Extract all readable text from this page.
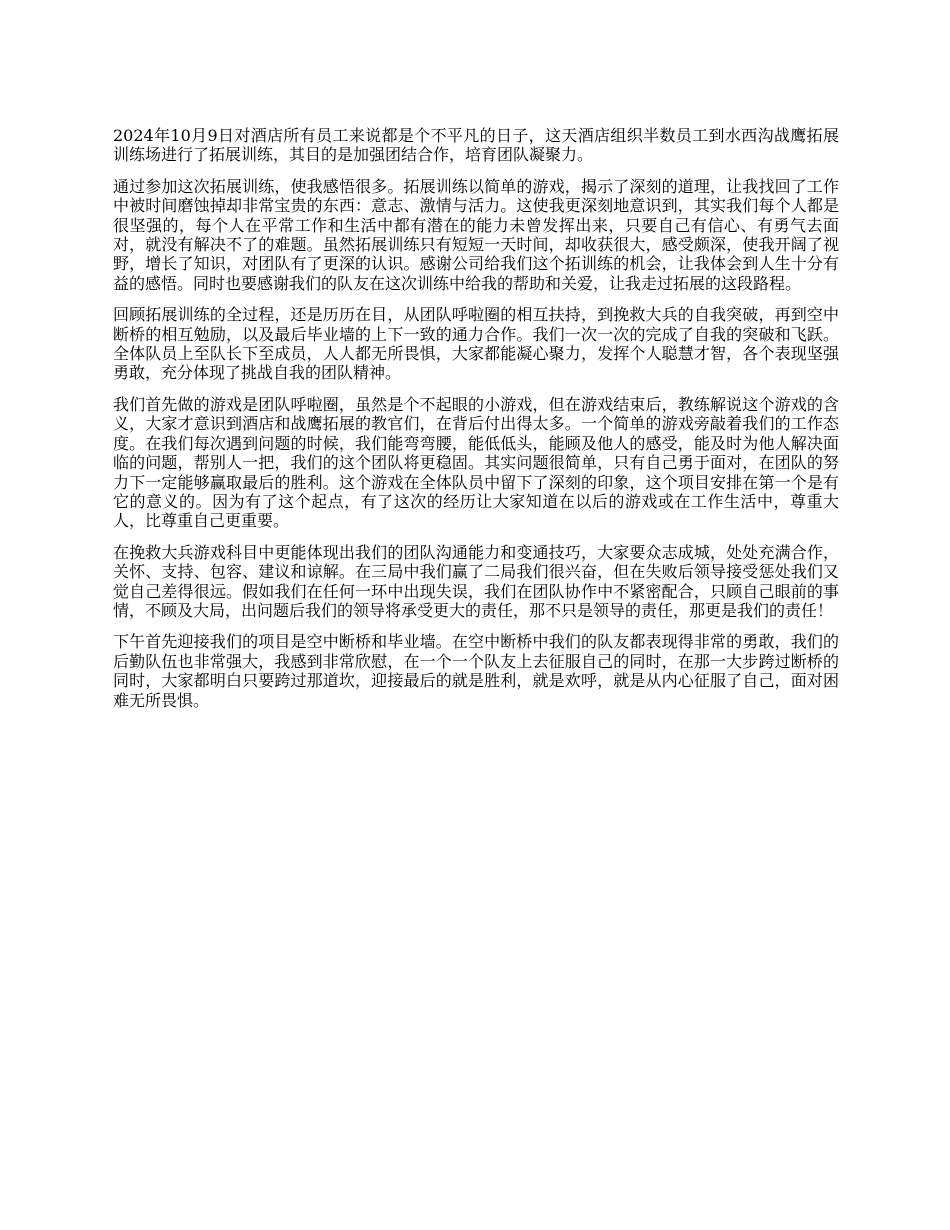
2024年10月9日对酒店所有员工来说都是个不平凡的日子，这天酒店组织半数员工到水西沟战鹰拓展训练场进行了拓展训练，其目的是加强团结合作，培育团队凝聚力。

通过参加这次拓展训练，使我感悟很多。拓展训练以简单的游戏，揭示了深刻的道理，让我找回了工作中被时间磨蚀掉却非常宝贵的东西：意志、激情与活力。这使我更深刻地意识到，其实我们每个人都是很坚强的，每个人在平常工作和生活中都有潜在的能力未曾发挥出来，只要自己有信心、有勇气去面对，就没有解决不了的难题。虽然拓展训练只有短短一天时间，却收获很大，感受颇深，使我开阔了视野，增长了知识，对团队有了更深的认识。感谢公司给我们这个拓训练的机会，让我体会到人生十分有益的感悟。同时也要感谢我们的队友在这次训练中给我的帮助和关爱，让我走过拓展的这段路程。

回顾拓展训练的全过程，还是历历在目，从团队呼啦圈的相互扶持，到挽救大兵的自我突破，再到空中断桥的相互勉励，以及最后毕业墙的上下一致的通力合作。我们一次一次的完成了自我的突破和飞跃。全体队员上至队长下至成员，人人都无所畏惧，大家都能凝心聚力，发挥个人聪慧才智，各个表现坚强勇敢，充分体现了挑战自我的团队精神。

我们首先做的游戏是团队呼啦圈，虽然是个不起眼的小游戏，但在游戏结束后，教练解说这个游戏的含义，大家才意识到酒店和战鹰拓展的教官们，在背后付出得太多。一个简单的游戏旁敲着我们的工作态度。在我们每次遇到问题的时候，我们能弯弯腰，能低低头，能顾及他人的感受，能及时为他人解决面临的问题，帮别人一把，我们的这个团队将更稳固。其实问题很简单，只有自己勇于面对，在团队的努力下一定能够赢取最后的胜利。这个游戏在全体队员中留下了深刻的印象，这个项目安排在第一个是有它的意义的。因为有了这个起点，有了这次的经历让大家知道在以后的游戏或在工作生活中，尊重大人，比尊重自己更重要。

在挽救大兵游戏科目中更能体现出我们的团队沟通能力和变通技巧，大家要众志成城，处处充满合作，关怀、支持、包容、建议和谅解。在三局中我们赢了二局我们很兴奋，但在失败后领导接受惩处我们又觉自己差得很远。假如我们在任何一环中出现失误，我们在团队协作中不紧密配合，只顾自己眼前的事情，不顾及大局，出问题后我们的领导将承受更大的责任，那不只是领导的责任，那更是我们的责任！

下午首先迎接我们的项目是空中断桥和毕业墙。在空中断桥中我们的队友都表现得非常的勇敢，我们的后勤队伍也非常强大，我感到非常欣慰，在一个一个队友上去征服自己的同时，在那一大步跨过断桥的同时，大家都明白只要跨过那道坎，迎接最后的就是胜利，就是欢呼，就是从内心征服了自己，面对困难无所畏惧。
